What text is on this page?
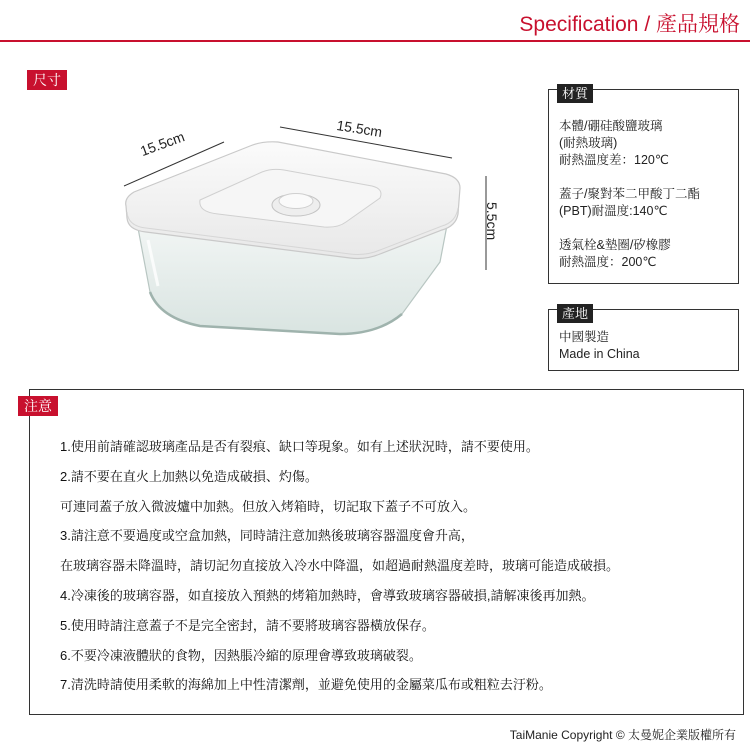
Specification / 產品規格
尺寸
15.5cm	15.5cm
5.5cm
材質
本體/硼硅酸鹽玻璃
(耐熱玻璃)
耐熱溫度差：120℃
蓋子/聚對苯二甲酸丁二酯
(PBT)耐溫度:140℃
透氣栓&墊圈/矽橡膠
耐熱溫度：200℃
產地
中國製造
Made in China
1.使用前請確認玻璃產品是否有裂痕、缺口等現象。如有上述狀況時，請不要使用。
2.請不要在直火上加熱以免造成破損、灼傷。
可連同蓋子放入微波爐中加熱。但放入烤箱時，切記取下蓋子不可放入。
3.請注意不要過度或空盒加熱，同時請注意加熱後玻璃容器溫度會升高，
在玻璃容器未降溫時，請切記勿直接放入冷水中降溫，如超過耐熱溫度差時，玻璃可能造成破損。
4.冷凍後的玻璃容器，如直接放入預熱的烤箱加熱時，會導致玻璃容器破損,請解凍後再加熱。
5.使用時請注意蓋子不是完全密封，請不要將玻璃容器橫放保存。
6.不要冷凍液體狀的食物，因熱脹冷縮的原理會導致玻璃破裂。
7.清洗時請使用柔軟的海綿加上中性清潔劑，並避免使用的金屬菜瓜布或粗粒去汙粉。
注意
TaiManie Copyright © 太曼妮企業版權所有
